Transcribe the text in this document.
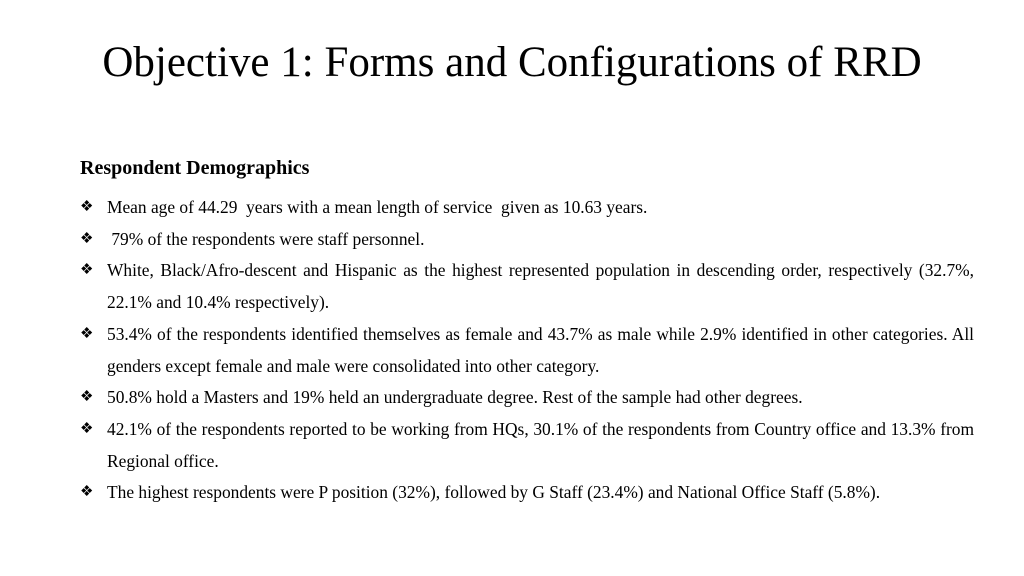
Objective 1: Forms and Configurations of RRD
Respondent Demographics
❖ Mean age of 44.29  years with a mean length of service  given as 10.63 years.
❖ 79% of the respondents were staff personnel.
❖ White, Black/Afro-descent and Hispanic as the highest represented population in descending order, respectively (32.7%, 22.1% and 10.4% respectively).
❖ 53.4% of the respondents identified themselves as female and 43.7% as male while 2.9% identified in other categories. All genders except female and male were consolidated into other category.
❖ 50.8% hold a Masters and 19% held an undergraduate degree. Rest of the sample had other degrees.
❖ 42.1% of the respondents reported to be working from HQs, 30.1% of the respondents from Country office and 13.3% from Regional office.
❖ The highest respondents were P position (32%), followed by G Staff (23.4%) and National Office Staff (5.8%).
